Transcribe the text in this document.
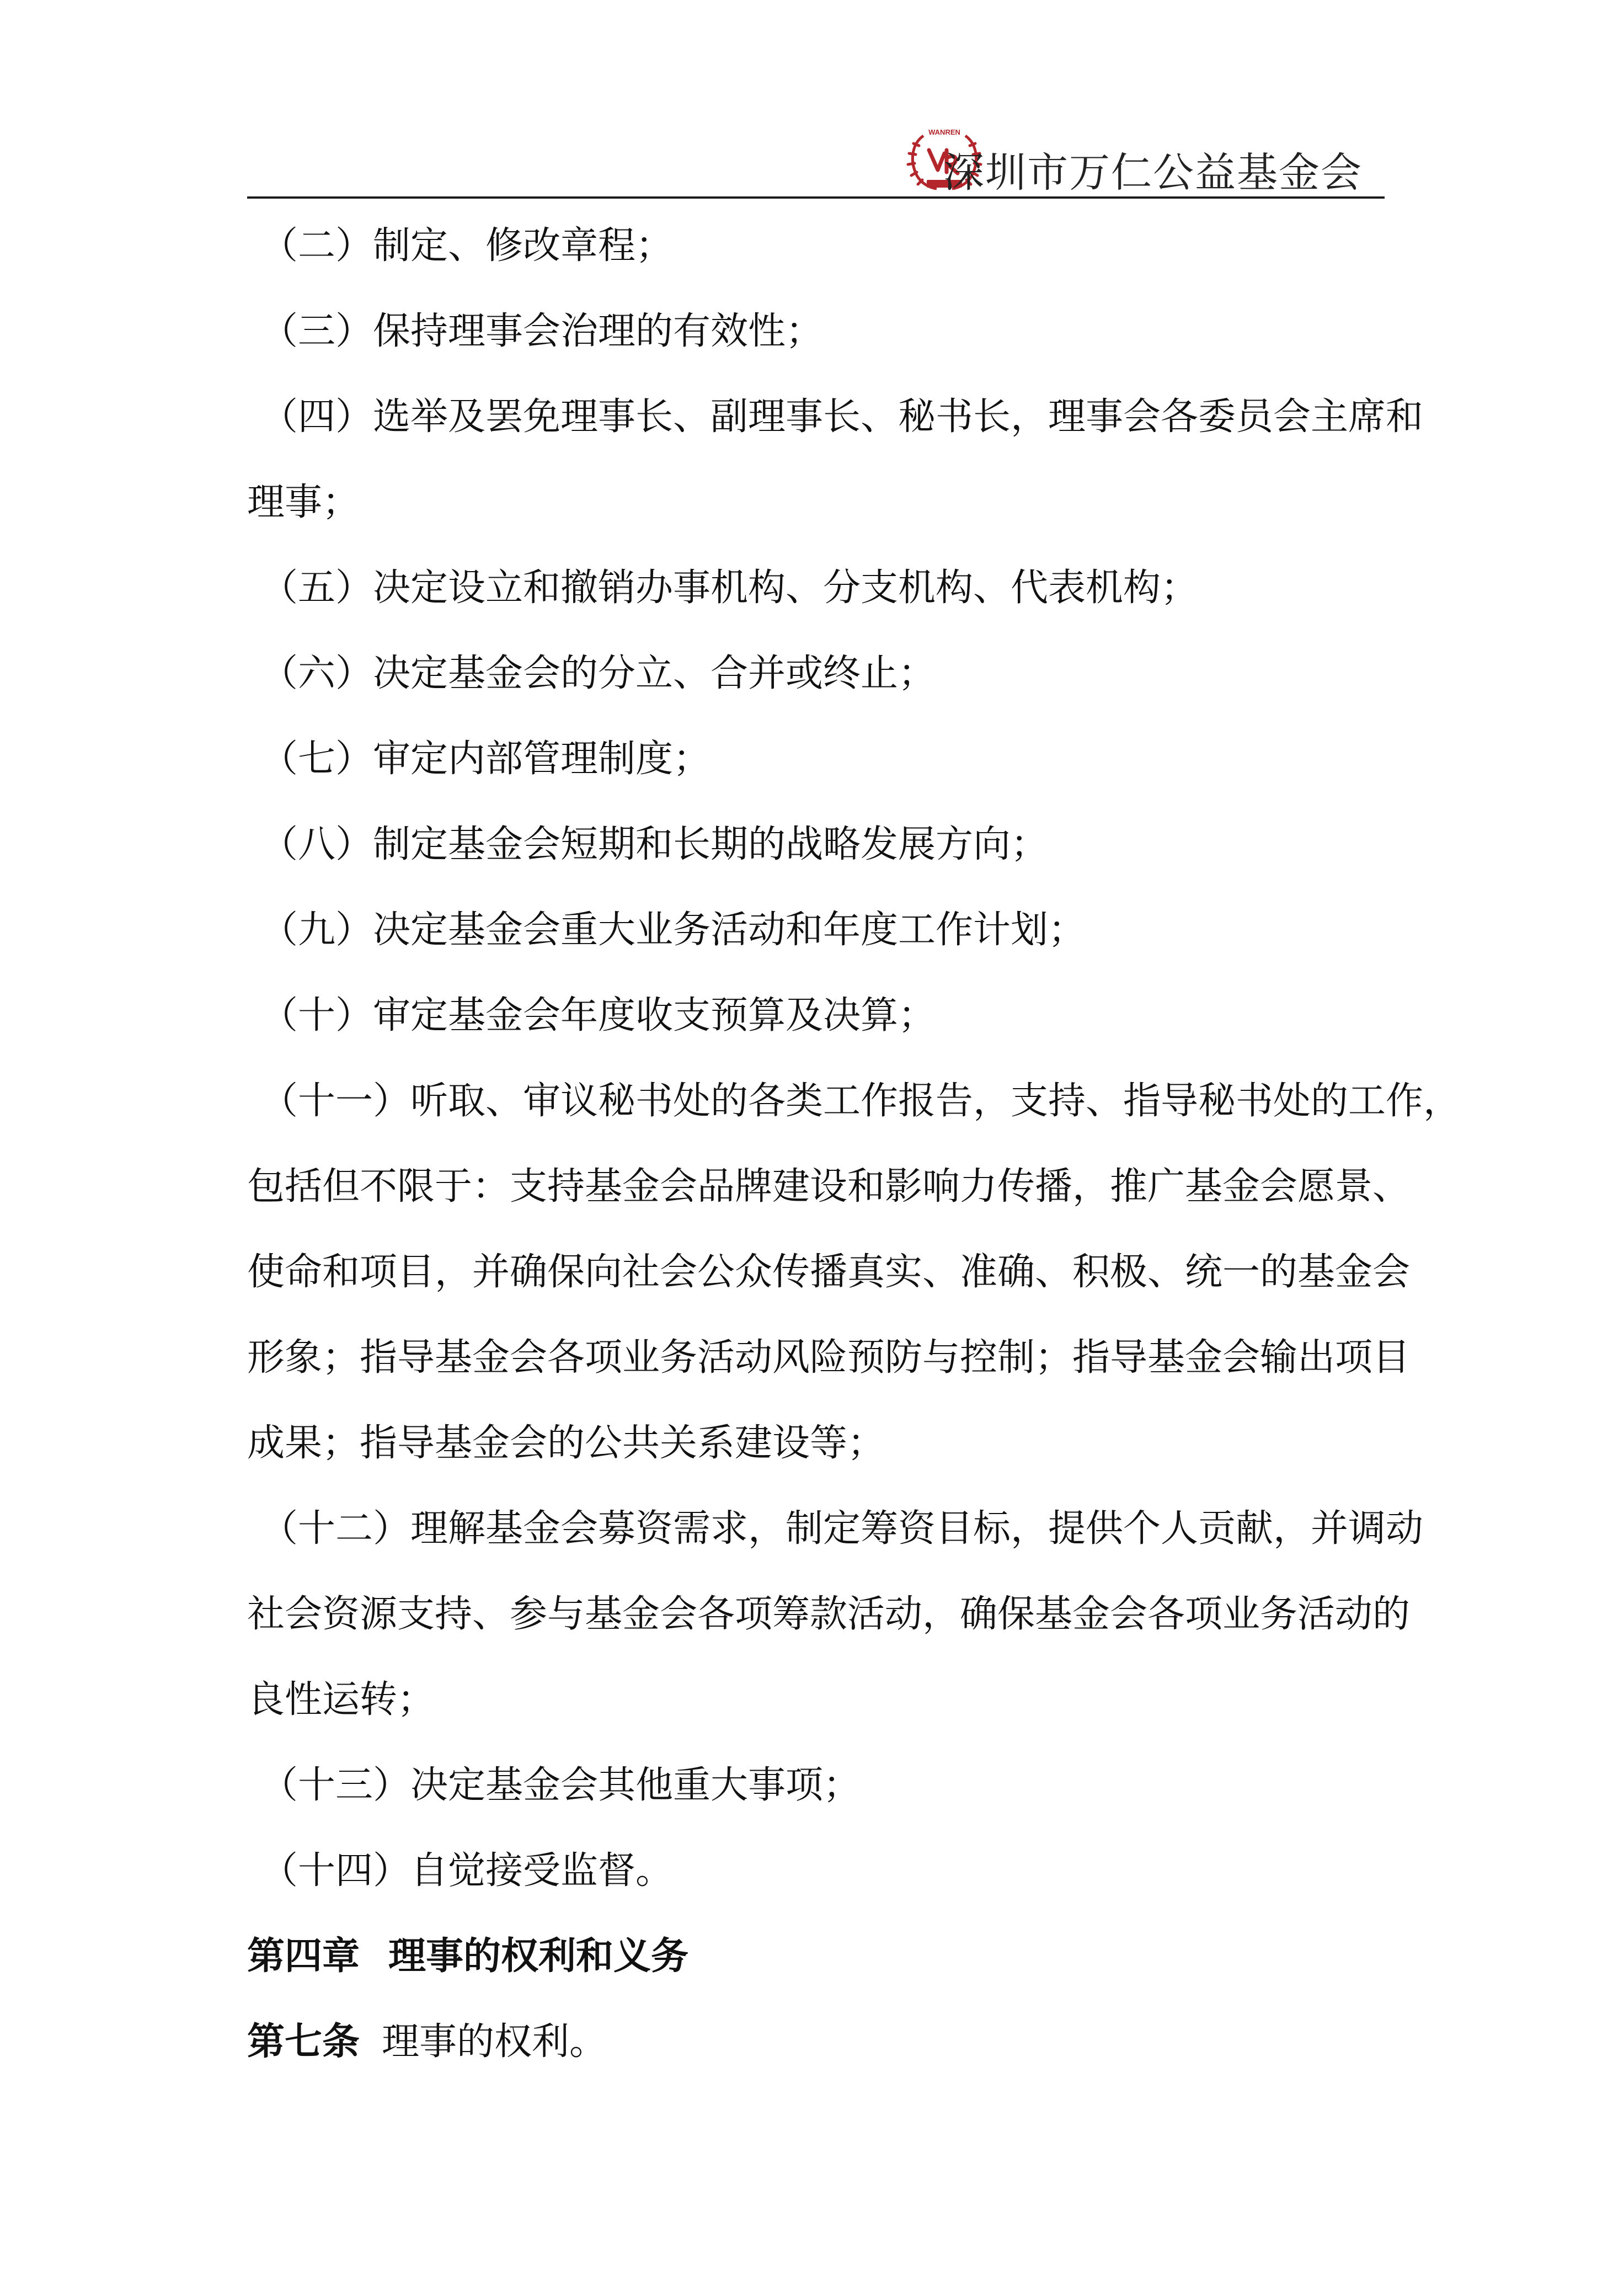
WANREN
深圳市万仁公益基金会
（二）制定、修改章程；
（三）保持理事会治理的有效性；
（四）选举及罢免理事长、副理事长、秘书长，理事会各委员会主席和
理事；
（五）决定设立和撤销办事机构、分支机构、代表机构；
（六）决定基金会的分立、合并或终止；
（七）审定内部管理制度；
（八）制定基金会短期和长期的战略发展方向；
（九）决定基金会重大业务活动和年度工作计划；
（十）审定基金会年度收支预算及决算；
（十一）听取、审议秘书处的各类工作报告，支持、指导秘书处的工作，
包括但不限于：支持基金会品牌建设和影响力传播，推广基金会愿景、
使命和项目，并确保向社会公众传播真实、准确、积极、统一的基金会
形象；指导基金会各项业务活动风险预防与控制；指导基金会输出项目
成果；指导基金会的公共关系建设等；
（十二）理解基金会募资需求，制定筹资目标，提供个人贡献，并调动
社会资源支持、参与基金会各项筹款活动，确保基金会各项业务活动的
良性运转；
（十三）决定基金会其他重大事项；
（十四）自觉接受监督。
第四章 理事的权利和义务
第七条 理事的权利。
